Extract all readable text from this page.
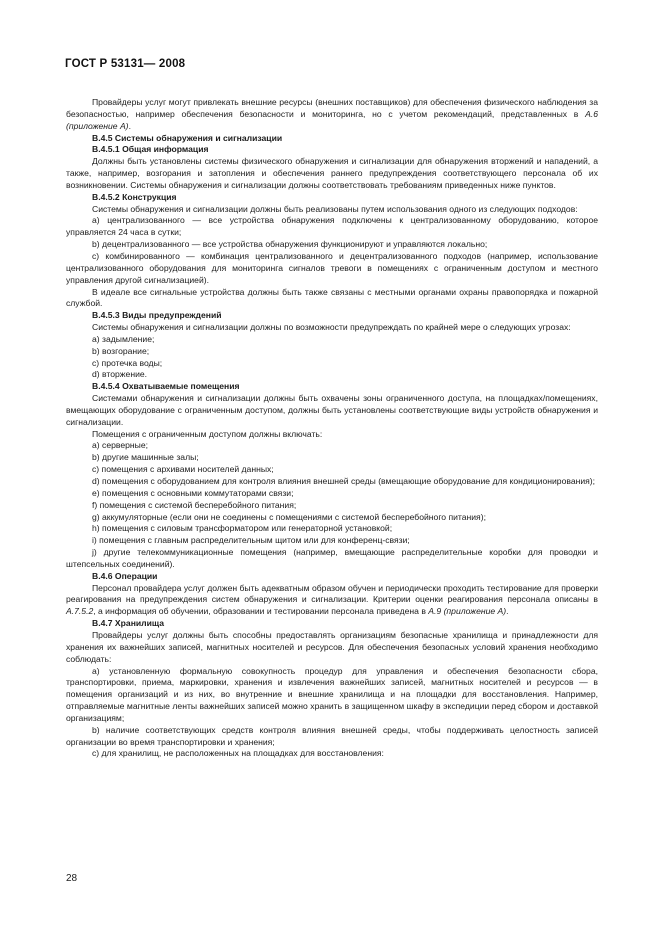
ГОСТ Р 53131— 2008

Провайдеры услуг могут привлекать внешние ресурсы (внешних поставщиков) для обеспечения физического наблюдения за безопасностью, например обеспечения безопасности и мониторинга, но с учетом рекомендаций, представленных в А.6 (приложение А).

В.4.5 Системы обнаружения и сигнализации

В.4.5.1 Общая информация

Должны быть установлены системы физического обнаружения и сигнализации для обнаружения вторжений и нападений, а также, например, возгорания и затопления и обеспечения раннего предупреждения соответствующего персонала об их возникновении. Системы обнаружения и сигнализации должны соответствовать требованиям приведенных ниже пунктов.

В.4.5.2 Конструкция

Системы обнаружения и сигнализации должны быть реализованы путем использования одного из следующих подходов:

а) централизованного — все устройства обнаружения подключены к централизованному оборудованию, которое управляется 24 часа в сутки;

b) децентрализованного — все устройства обнаружения функционируют и управляются локально;

с) комбинированного — комбинация централизованного и децентрализованного подходов (например, использование централизованного оборудования для мониторинга сигналов тревоги в помещениях с ограниченным доступом и местного управления другой сигнализацией).

В идеале все сигнальные устройства должны быть также связаны с местными органами охраны правопорядка и пожарной службой.

В.4.5.3 Виды предупреждений

Системы обнаружения и сигнализации должны по возможности предупреждать по крайней мере о следующих угрозах:

а) задымление;

b) возгорание;

с) протечка воды;

d) вторжение.

В.4.5.4 Охватываемые помещения

Системами обнаружения и сигнализации должны быть охвачены зоны ограниченного доступа, на площадках/помещениях, вмещающих оборудование с ограниченным доступом, должны быть установлены соответствующие виды устройств обнаружения и сигнализации.

Помещения с ограниченным доступом должны включать:

а) серверные;

b) другие машинные залы;

с) помещения с архивами носителей данных;

d) помещения с оборудованием для контроля влияния внешней среды (вмещающие оборудование для кондиционирования);

е) помещения с основными коммутаторами связи;

f) помещения с системой бесперебойного питания;

g) аккумуляторные (если они не соединены с помещениями с системой бесперебойного питания);

h) помещения с силовым трансформатором или генераторной установкой;

i) помещения с главным распределительным щитом или для конференц-связи;

j) другие телекоммуникационные помещения (например, вмещающие распределительные коробки для проводки и штепсельных соединений).

В.4.6 Операции

Персонал провайдера услуг должен быть адекватным образом обучен и периодически проходить тестирование для проверки реагирования на предупреждения систем обнаружения и сигнализации. Критерии оценки реагирования персонала описаны в А.7.5.2, а информация об обучении, образовании и тестировании персонала приведена в А.9 (приложение А).

В.4.7 Хранилища

Провайдеры услуг должны быть способны предоставлять организациям безопасные хранилища и принадлежности для хранения их важнейших записей, магнитных носителей и ресурсов. Для обеспечения безопасных условий хранения необходимо соблюдать:

а) установленную формальную совокупность процедур для управления и обеспечения безопасности сбора, транспортировки, приема, маркировки, хранения и извлечения важнейших записей, магнитных носителей и ресурсов — в помещения организаций и из них, во внутренние и внешние хранилища и на площадки для восстановления. Например, отправляемые магнитные ленты важнейших записей можно хранить в защищенном шкафу в экспедиции перед сбором и доставкой организациям;

b) наличие соответствующих средств контроля влияния внешней среды, чтобы поддерживать целостность записей организации во время транспортировки и хранения;

с) для хранилищ, не расположенных на площадках для восстановления:

28
